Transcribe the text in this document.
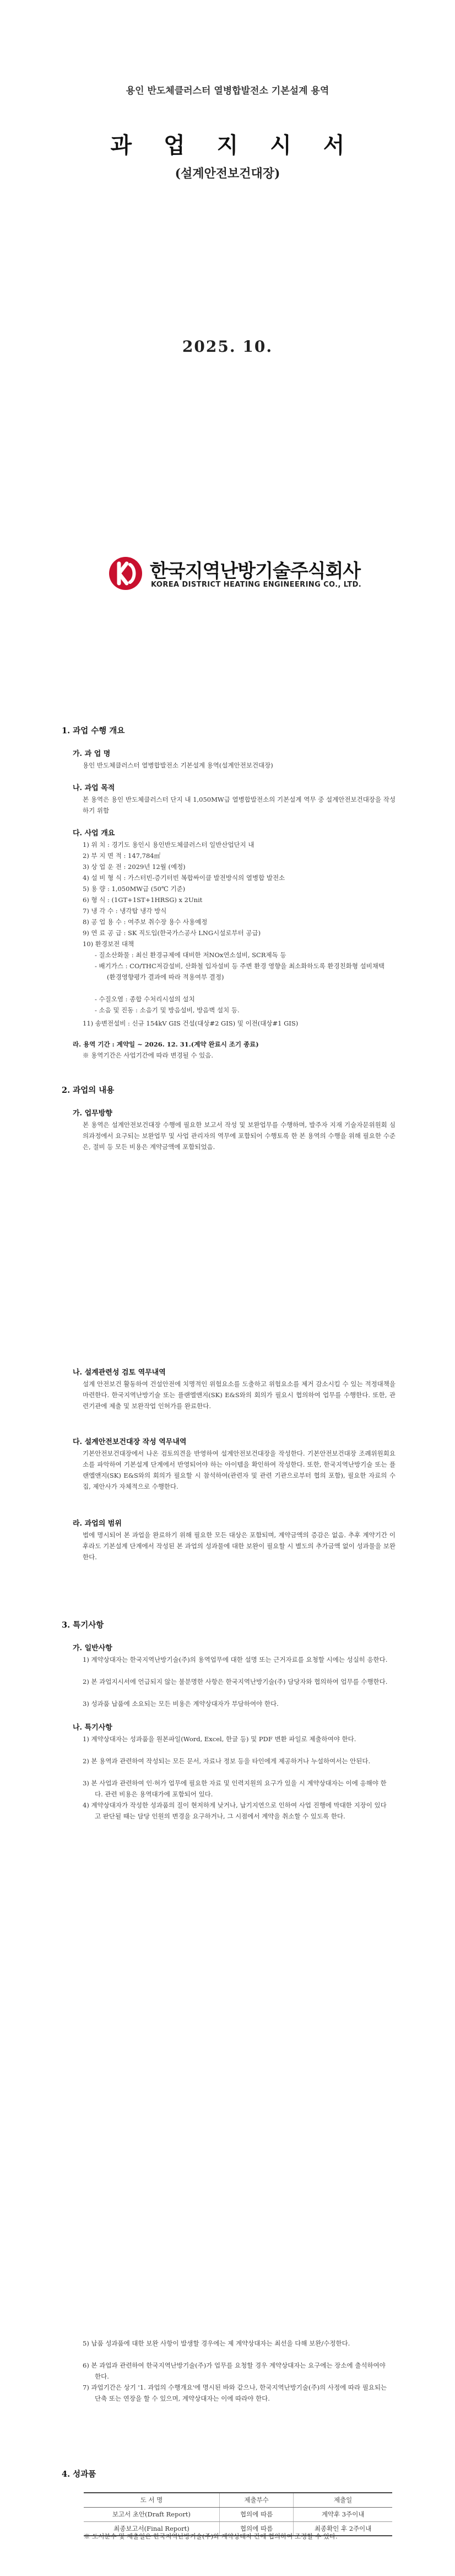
용인 반도체클러스터 열병합발전소 기본설계 용역
과 업 지 시 서
(설계안전보건대장)
2025. 10.
한국지역난방기술주식회사
KOREA DISTRICT HEATING ENGINEERING CO., LTD.
1. 과업 수행 개요
가. 과 업 명
용인 반도체클러스터 열병합발전소 기본설계 용역(설계안전보건대장)
나. 과업 목적
본 용역은 용인 반도체클러스터 단지 내 1,050MW급 열병합발전소의 기본설계 역무 중 설계안전보건대장을 작성하기 위함
다. 사업 개요
1) 위 치 : 경기도 용인시 용인반도체클러스터 일반산업단지 내
2) 부 지 면 적 : 147,784㎡
3) 상 업 운 전 : 2029년 12월 (예정)
4) 설 비 형 식 : 가스터빈-증기터빈 복합싸이클 발전방식의 열병합 발전소
5) 용 량 : 1,050MW급 (50℃ 기준)
6) 형 식 : (1GT+1ST+1HRSG) x 2Unit
7) 냉 각 수 : 냉각탑 냉각 방식
8) 공 업 용 수 : 여주보 취수장 용수 사용예정
9) 연 료 공 급 : SK 직도입(한국가스공사 LNG시설로부터 공급)
10) 환경보전 대책
- 질소산화물 : 최신 환경규제에 대비한 저NOx연소설비, SCR제독 등
- 배기가스 : CO/THC저감설비, 산화철 입자설비 등 주변 환경 영향을 최소화하도록 환경친화형 설비채택 (환경영향평가 결과에 따라 적용여부 결정)
- 수질오염 : 종합 수처리시설의 설치
- 소음 및 진동 : 소음기 및 방음설비, 방음벽 설치 등.
11) 송변전설비 : 신규 154kV GIS 건설(대상#2 GIS) 및 이전(대상#1 GIS)
라. 용역 기간 : 계약일 ~ 2026. 12. 31.(계약 완료시 조기 종료)
※ 용역기간은 사업기간에 따라 변경될 수 있음.
2. 과업의 내용
가. 업무방향
본 용역은 설계안전보건대장 수행에 필요한 보고서 작성 및 보완업무를 수행하며, 발주자 지재 기술자문위원회 심의과정에서 요구되는 보완업무 및 사업 관리자의 역무에 포함되어 수행토록 한 본 용역의 수행을 위해 필요한 수준은, 절비 등 모든 비용은 계약금액에 포함되었음.
나. 설계관련성 검토 역무내역
설계 안전보건 활동하여 건설안전에 치명적인 위험요소를 도출하고 위험요소를 제거 감소시킬 수 있는 적정대책을 마련한다. 한국지역난방기술 또는 플랜엘앤지(SK) E&S와의 회의가 필요시 협의하여 업무를 수행한다. 또한, 관련기관에 제출 및 보완작업 인허가를 완료한다.
다. 설계안전보건대장 작성 역무내역
기본안전보건대장에서 나온 검토의견을 반영하여 설계안전보건대장을 작성한다. 기본안전보건대장 조례위원회요소를 파악하여 기본설계 단계에서 반영되어야 하는 아이템을 확인하여 작성한다. 또한, 한국지역난방기술 또는 플랜엘앤지(SK) E&S와의 회의가 필요할 시 참석하여(관련자 및 관련 기관으로부터 협의 포함), 필요한 자료의 수집, 제안사가 자체적으로 수행한다.
라. 과업의 범위
법에 명시되어 본 과업을 완료하기 위해 필요한 모든 대상은 포함되며, 계약금액의 증감은 없음. 추후 계약기간 이후라도 기본설계 단계에서 작성된 본 과업의 성과물에 대한 보완이 필요할 시 별도의 추가금액 없이 성과물을 보완한다.
3. 특기사항
가. 일반사항
1) 계약상대자는 한국지역난방기술(주)의 용역업무에 대한 설명 또는 근거자료를 요청할 시에는 성실히 응한다.
2) 본 과업지시서에 언급되지 않는 불분명한 사항은 한국지역난방기술(주) 담당자와 협의하여 업무를 수행한다.
3) 성과품 납품에 소요되는 모든 비용은 계약상대자가 부담하여야 한다.
나. 특기사항
1) 계약상대자는 성과품을 원본파일(Word, Excel, 한글 등) 및 PDF 변환 파일로 제출하여야 한다.
2) 본 용역과 관련하여 작성되는 모든 문서, 자료나 정보 등을 타인에게 제공하거나 누설하여서는 안된다.
3) 본 사업과 관련하여 인·허가 업무에 필요한 자료 및 인력지원의 요구가 있을 시 계약상대자는 이에 응해야 한다. 관련 비용은 용역대가에 포함되어 있다.
4) 계약상대자가 작성한 성과품의 질이 현저하게 낮거나, 납기지연으로 인하여 사업 진행에 막대한 지장이 있다고 판단될 때는 담당 인원의 변경을 요구하거나, 그 시점에서 계약을 취소할 수 있도록 한다.
5) 납품 성과품에 대한 보완 사항이 발생할 경우에는 제 계약상대자는 최선을 다해 보완/수정한다.
6) 본 과업과 관련하여 한국지역난방기술(주)가 업무를 요청할 경우 계약상대자는 요구에는 장소에 출석하여야 한다.
7) 과업기간은 상기 '1. 과업의 수행개요'에 명시된 바와 같으나, 한국지역난방기술(주)의 사정에 따라 필요되는 단축 또는 연장을 할 수 있으며, 계약상대자는 이에 따라야 한다.
4. 성과품
도 서 명	제출부수	제출일
보고서 초안(Draft Report)	협의에 따름	계약후 3주이내
최종보고서(Final Report)	협의에 따름	최종확인 후 2주이내
※ 도서분수 및 제출일은 한국지역난방기술(주)와 계약상대자 간에 협의하여 조정할 수 있다.
